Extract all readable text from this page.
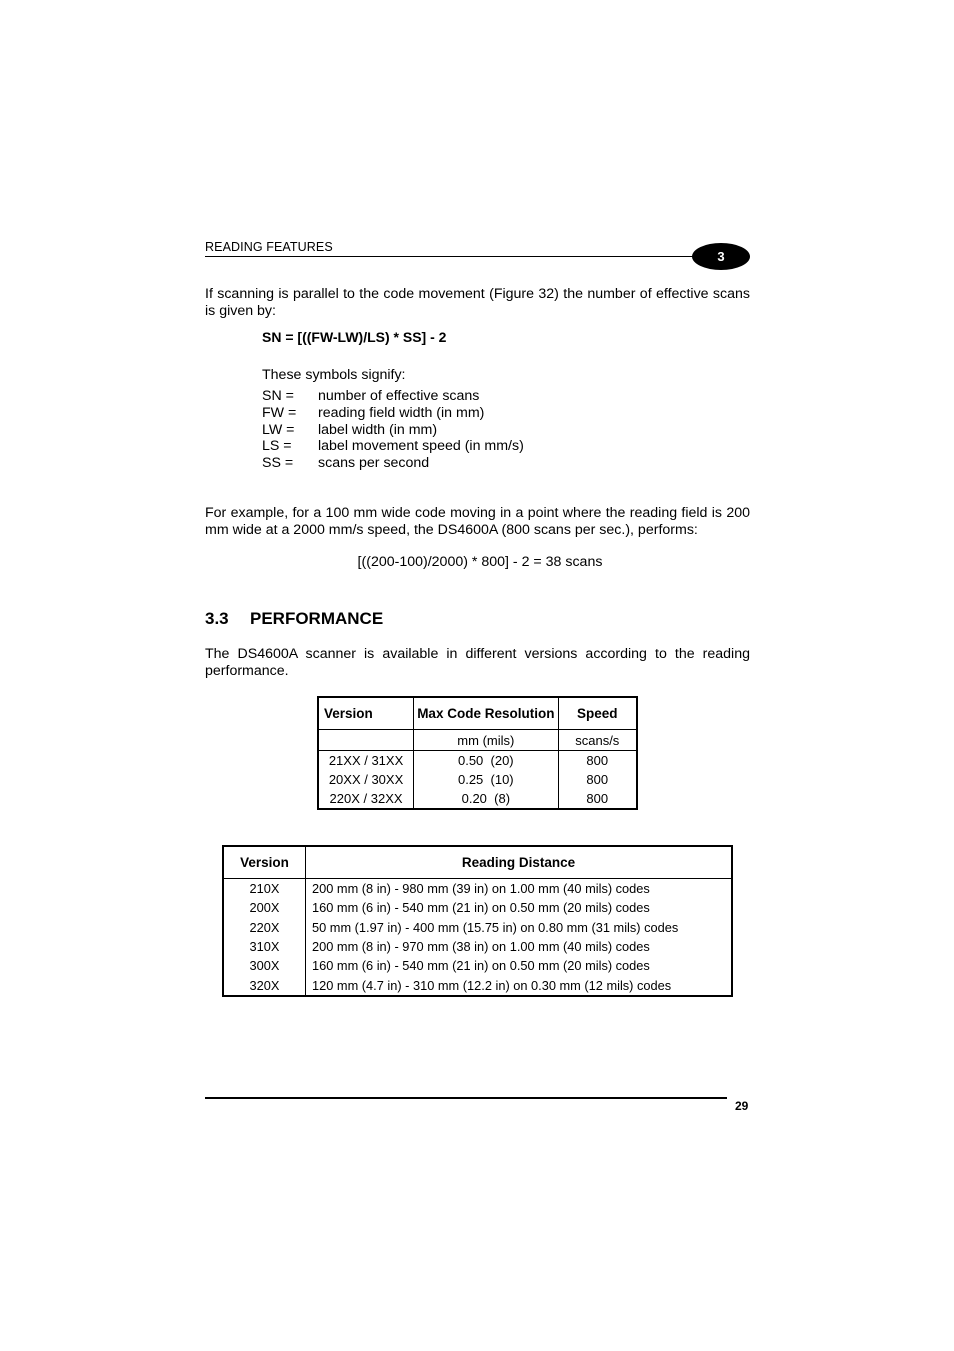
READING FEATURES
3
If scanning is parallel to the code movement (Figure 32) the number of effective scans is given by:
SN = [((FW-LW)/LS) * SS] - 2
These symbols signify:
SN =	number of effective scans
FW =	reading field width (in mm)
LW =	label width (in mm)
LS =	label movement speed (in mm/s)
SS =	scans per second
For example, for a 100 mm wide code moving in a point where the reading field is 200 mm wide at a 2000 mm/s speed, the DS4600A (800 scans per sec.), performs:
[((200-100)/2000) * 800] - 2 = 38 scans
3.3 PERFORMANCE
The DS4600A scanner is available in different versions according to the reading performance.
Version	Max Code Resolution	Speed
	mm (mils)	scans/s
21XX / 31XX	0.50  (20)	800
20XX / 30XX	0.25  (10)	800
220X / 32XX	0.20  (8)	800
Version	Reading Distance
210X	200 mm (8 in) - 980 mm (39 in) on 1.00 mm (40 mils) codes
200X	160 mm (6 in) - 540 mm (21 in) on 0.50 mm (20 mils) codes
220X	50 mm (1.97 in) - 400 mm (15.75 in) on 0.80 mm (31 mils) codes
310X	200 mm (8 in) - 970 mm (38 in) on 1.00 mm (40 mils) codes
300X	160 mm (6 in) - 540 mm (21 in) on 0.50 mm (20 mils) codes
320X	120 mm (4.7 in) - 310 mm (12.2 in) on 0.30 mm (12 mils) codes
29
